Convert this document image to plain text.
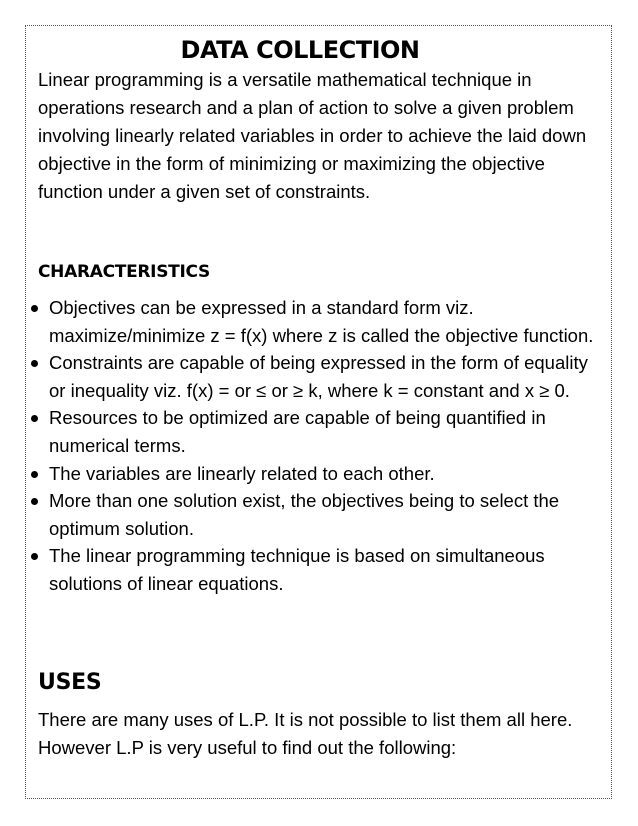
DATA COLLECTION

Linear programming is a versatile mathematical technique in operations research and a plan of action to solve a given problem involving linearly related variables in order to achieve the laid down objective in the form of minimizing or maximizing the objective function under a given set of constraints.

CHARACTERISTICS
Objectives can be expressed in a standard form viz. maximize/minimize z = f(x) where z is called the objective function.
Constraints are capable of being expressed in the form of equality or inequality viz. f(x) = or ≤ or ≥ k, where k = constant and x ≥ 0.
Resources to be optimized are capable of being quantified in numerical terms.
The variables are linearly related to each other.
More than one solution exist, the objectives being to select the optimum solution.
The linear programming technique is based on simultaneous solutions of linear equations.
USES

There are many uses of L.P. It is not possible to list them all here. However L.P is very useful to find out the following:
